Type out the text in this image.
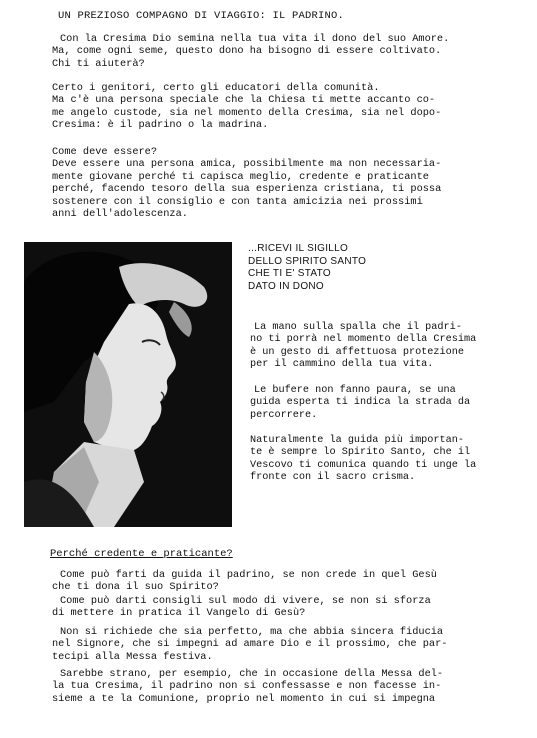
UN PREZIOSO COMPAGNO DI VIAGGIO: IL PADRINO.

Con la Cresima Dio semina nella tua vita il dono del suo Amore.
Ma, come ogni seme, questo dono ha bisogno di essere coltivato.
Chi ti aiuterà?

Certo i genitori, certo gli educatori della comunità.
Ma c'è una persona speciale che la Chiesa ti mette accanto co-
me angelo custode, sia nel momento della Cresima, sia nel dopo-
Cresima: è il padrino o la madrina.

Come deve essere?
Deve essere una persona amica, possibilmente ma non necessaria-
mente giovane perché ti capisca meglio, credente e praticante
perché, facendo tesoro della sua esperienza cristiana, ti possa
sostenere con il consiglio e con tanta amicizia nei prossimi
anni dell'adolescenza.

...RICEVI IL SIGILLO
DELLO SPIRITO SANTO
CHE TI E' STATO
DATO IN DONO
La mano sulla spalla che il padri-
no ti porrà nel momento della Cresima
è un gesto di affettuosa protezione
per il cammino della tua vita.
Le bufere non fanno paura, se una
guida esperta ti indica la strada da
percorrere.
Naturalmente la guida più importan-
te è sempre lo Spirito Santo, che il
Vescovo ti comunica quando ti unge la
fronte con il sacro crisma.
Perché credente e praticante?

Come può farti da guida il padrino, se non crede in quel Gesù
che ti dona il suo Spirito?

Come può darti consigli sul modo di vivere, se non si sforza
di mettere in pratica il Vangelo di Gesù?

Non si richiede che sia perfetto, ma che abbia sincera fiducia
nel Signore, che si impegni ad amare Dio e il prossimo, che par-
tecipi alla Messa festiva.

Sarebbe strano, per esempio, che in occasione della Messa del-
la tua Cresima, il padrino non si confessasse e non facesse in-
sieme a te la Comunione, proprio nel momento in cui si impegna
